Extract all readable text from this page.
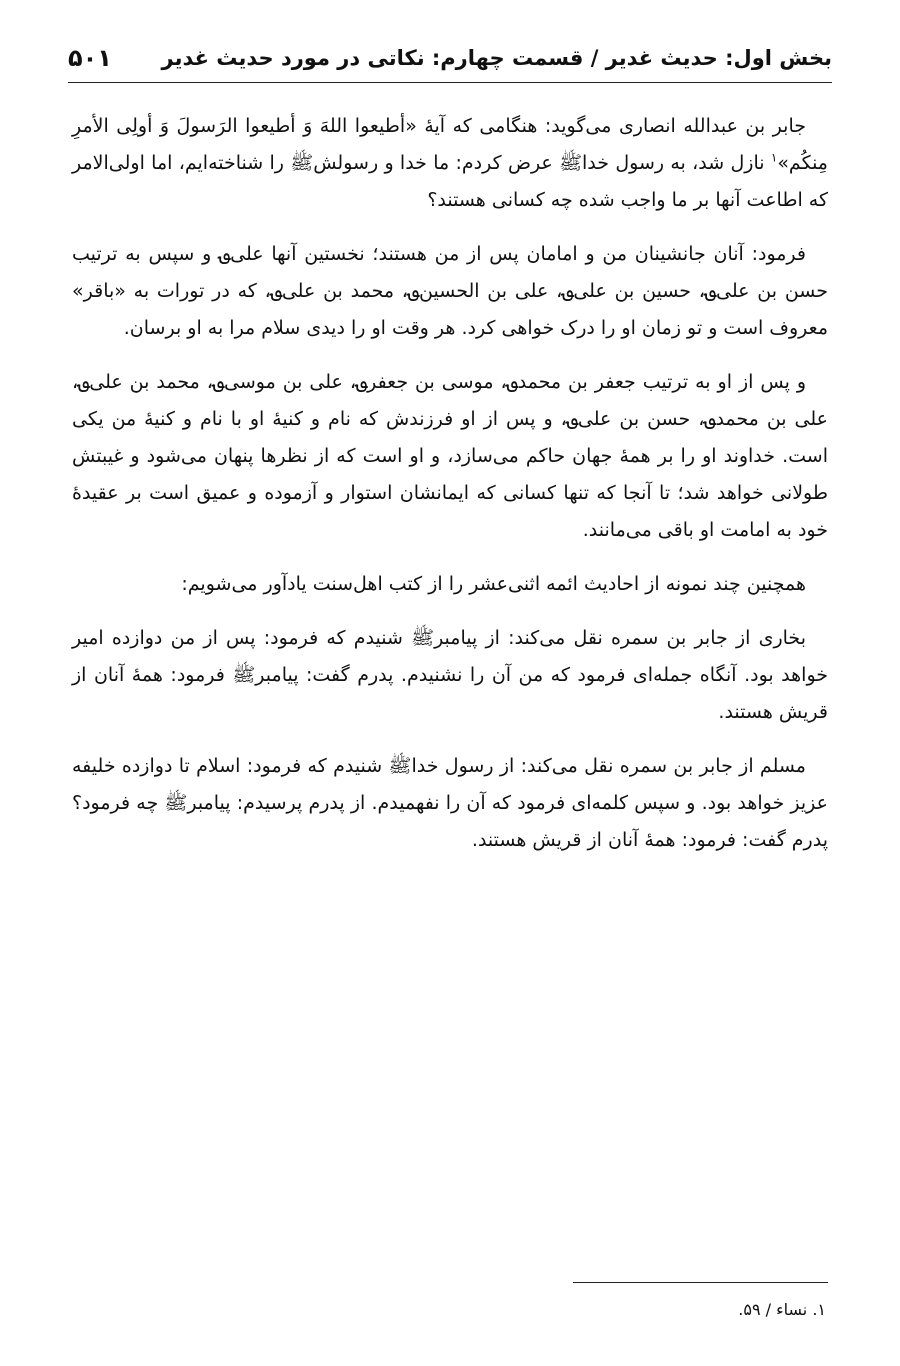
بخش اول: حدیث غدیر / قسمت چهارم: نکاتی در مورد حدیث غدیر
۵۰۱

جابر بن عبدالله انصاری می‌گوید: هنگامی که آیهٔ «أطیعوا اللهَ وَ أطیعوا الرَسولَ وَ أولِی الأمرِ مِنکُم»$^۱$ نازل شد، به رسول خداﷺ عرض کردم: ما خدا و رسولشﷺ را شناخته‌ایم، اما اولی‌الامر که اطاعت آنها بر ما واجب شده چه کسانی هستند؟

فرمود: آنان جانشینان من و امامان پس از من هستند؛ نخستین آنها علی؈ و سپس به ترتیب حسن بن علی؈، حسین بن علی؈، علی بن الحسین؈، محمد بن علی؈، که در تورات به «باقر» معروف است و تو زمان او را درک خواهی کرد. هر وقت او را دیدی سلام مرا به او برسان.

و پس از او به ترتیب جعفر بن محمد؈، موسی بن جعفر؈، علی بن موسی؈، محمد بن علی؈، علی بن محمد؈، حسن بن علی؈، و پس از او فرزندش که نام و کنیهٔ او با نام و کنیهٔ من یکی است. خداوند او را بر همهٔ جهان حاکم می‌سازد، و او است که از نظرها پنهان می‌شود و غیبتش طولانی خواهد شد؛ تا آنجا که تنها کسانی که ایمانشان استوار و آزموده و عمیق است بر عقیدهٔ خود به امامت او باقی می‌مانند.

همچنین چند نمونه از احادیث ائمه اثنی‌عشر را از کتب اهل‌سنت یادآور می‌شویم:

بخاری از جابر بن سمره نقل می‌کند: از پیامبرﷺ شنیدم که فرمود: پس از من دوازده امیر خواهد بود. آنگاه جمله‌ای فرمود که من آن را نشنیدم. پدرم گفت: پیامبرﷺ فرمود: همهٔ آنان از قریش هستند.

مسلم از جابر بن سمره نقل می‌کند: از رسول خداﷺ شنیدم که فرمود: اسلام تا دوازده خلیفه عزیز خواهد بود. و سپس کلمه‌ای فرمود که آن را نفهمیدم. از پدرم پرسیدم: پیامبرﷺ چه فرمود؟ پدرم گفت: فرمود: همهٔ آنان از قریش هستند.

۱. نساء / ۵۹.
